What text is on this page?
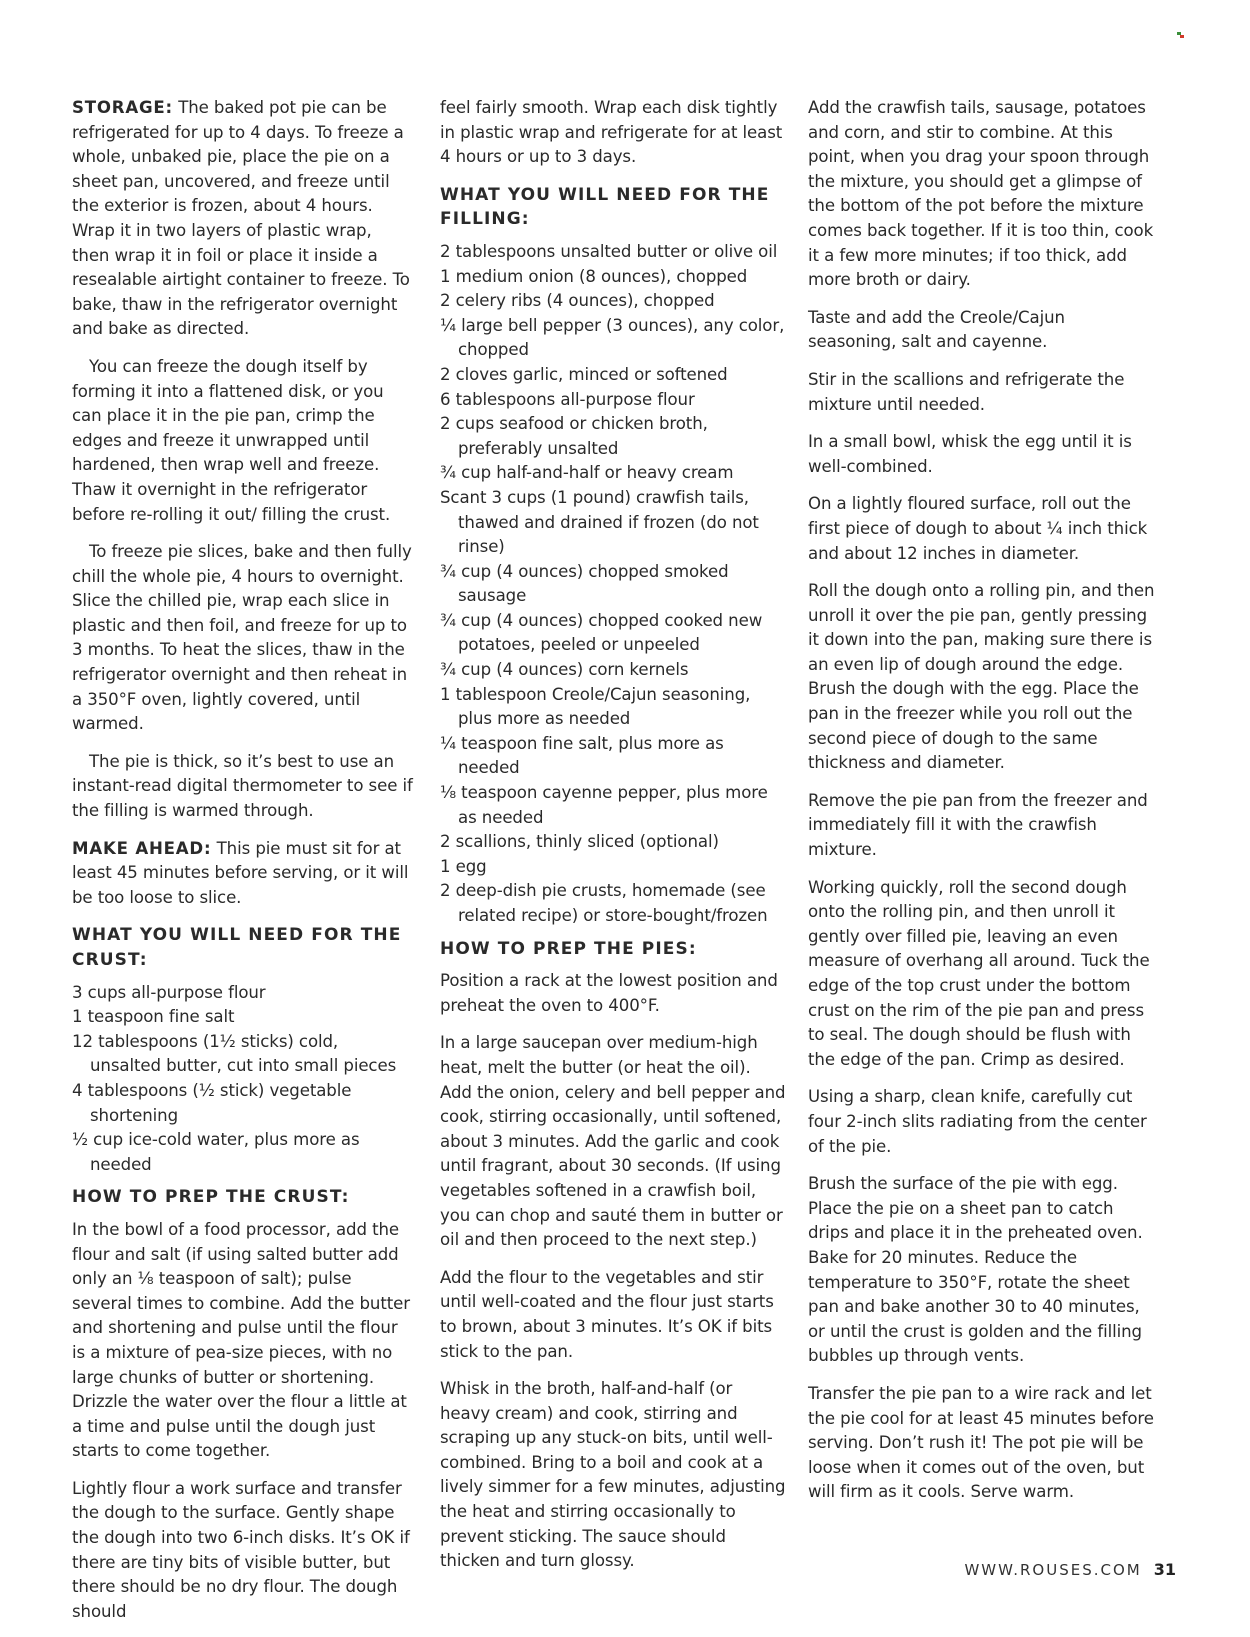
STORAGE: The baked pot pie can be refrigerated for up to 4 days. To freeze a whole, unbaked pie, place the pie on a sheet pan, uncovered, and freeze until the exterior is frozen, about 4 hours. Wrap it in two layers of plastic wrap, then wrap it in foil or place it inside a resealable airtight container to freeze. To bake, thaw in the refrigerator overnight and bake as directed.

You can freeze the dough itself by forming it into a flattened disk, or you can place it in the pie pan, crimp the edges and freeze it unwrapped until hardened, then wrap well and freeze. Thaw it overnight in the refrigerator before re-rolling it out/ filling the crust.

To freeze pie slices, bake and then fully chill the whole pie, 4 hours to overnight. Slice the chilled pie, wrap each slice in plastic and then foil, and freeze for up to 3 months. To heat the slices, thaw in the refrigerator overnight and then reheat in a 350°F oven, lightly covered, until warmed.

The pie is thick, so it’s best to use an instant-read digital thermometer to see if the filling is warmed through.

MAKE AHEAD: This pie must sit for at least 45 minutes before serving, or it will be too loose to slice.

WHAT YOU WILL NEED FOR THE CRUST:
3 cups all-purpose flour
1 teaspoon fine salt
12 tablespoons (1½ sticks) cold, unsalted butter, cut into small pieces
4 tablespoons (½ stick) vegetable shortening
½ cup ice-cold water, plus more as needed
HOW TO PREP THE CRUST:

In the bowl of a food processor, add the flour and salt (if using salted butter add only an ⅛ teaspoon of salt); pulse several times to combine. Add the butter and shortening and pulse until the flour is a mixture of pea-size pieces, with no large chunks of butter or shortening. Drizzle the water over the flour a little at a time and pulse until the dough just starts to come together.

Lightly flour a work surface and transfer the dough to the surface. Gently shape the dough into two 6-inch disks. It’s OK if there are tiny bits of visible butter, but there should be no dry flour. The dough should

feel fairly smooth. Wrap each disk tightly in plastic wrap and refrigerate for at least 4 hours or up to 3 days.

WHAT YOU WILL NEED FOR THE FILLING:
2 tablespoons unsalted butter or olive oil
1 medium onion (8 ounces), chopped
2 celery ribs (4 ounces), chopped
¼ large bell pepper (3 ounces), any color, chopped
2 cloves garlic, minced or softened
6 tablespoons all-purpose flour
2 cups seafood or chicken broth, preferably unsalted
¾ cup half-and-half or heavy cream
Scant 3 cups (1 pound) crawfish tails, thawed and drained if frozen (do not rinse)
¾ cup (4 ounces) chopped smoked sausage
¾ cup (4 ounces) chopped cooked new potatoes, peeled or unpeeled
¾ cup (4 ounces) corn kernels
1 tablespoon Creole/Cajun seasoning, plus more as needed
¼ teaspoon fine salt, plus more as needed
⅛ teaspoon cayenne pepper, plus more as needed
2 scallions, thinly sliced (optional)
1 egg
2 deep-dish pie crusts, homemade (see related recipe) or store-bought/frozen
HOW TO PREP THE PIES:

Position a rack at the lowest position and preheat the oven to 400°F.

In a large saucepan over medium-high heat, melt the butter (or heat the oil). Add the onion, celery and bell pepper and cook, stirring occasionally, until softened, about 3 minutes. Add the garlic and cook until fragrant, about 30 seconds. (If using vegetables softened in a crawfish boil, you can chop and sauté them in butter or oil and then proceed to the next step.)

Add the flour to the vegetables and stir until well-coated and the flour just starts to brown, about 3 minutes. It’s OK if bits stick to the pan.

Whisk in the broth, half-and-half (or heavy cream) and cook, stirring and scraping up any stuck-on bits, until well-combined. Bring to a boil and cook at a lively simmer for a few minutes, adjusting the heat and stirring occasionally to prevent sticking. The sauce should thicken and turn glossy.

Add the crawfish tails, sausage, potatoes and corn, and stir to combine. At this point, when you drag your spoon through the mixture, you should get a glimpse of the bottom of the pot before the mixture comes back together. If it is too thin, cook it a few more minutes; if too thick, add more broth or dairy.

Taste and add the Creole/Cajun seasoning, salt and cayenne.

Stir in the scallions and refrigerate the mixture until needed.

In a small bowl, whisk the egg until it is well-combined.

On a lightly floured surface, roll out the first piece of dough to about ¼ inch thick and about 12 inches in diameter.

Roll the dough onto a rolling pin, and then unroll it over the pie pan, gently pressing it down into the pan, making sure there is an even lip of dough around the edge. Brush the dough with the egg. Place the pan in the freezer while you roll out the second piece of dough to the same thickness and diameter.

Remove the pie pan from the freezer and immediately fill it with the crawfish mixture.

Working quickly, roll the second dough onto the rolling pin, and then unroll it gently over filled pie, leaving an even measure of overhang all around. Tuck the edge of the top crust under the bottom crust on the rim of the pie pan and press to seal. The dough should be flush with the edge of the pan. Crimp as desired.

Using a sharp, clean knife, carefully cut four 2-inch slits radiating from the center of the pie.

Brush the surface of the pie with egg. Place the pie on a sheet pan to catch drips and place it in the preheated oven. Bake for 20 minutes. Reduce the temperature to 350°F, rotate the sheet pan and bake another 30 to 40 minutes, or until the crust is golden and the filling bubbles up through vents.

Transfer the pie pan to a wire rack and let the pie cool for at least 45 minutes before serving. Don’t rush it! The pot pie will be loose when it comes out of the oven, but will firm as it cools. Serve warm.

WWW.ROUSES.COM 31
